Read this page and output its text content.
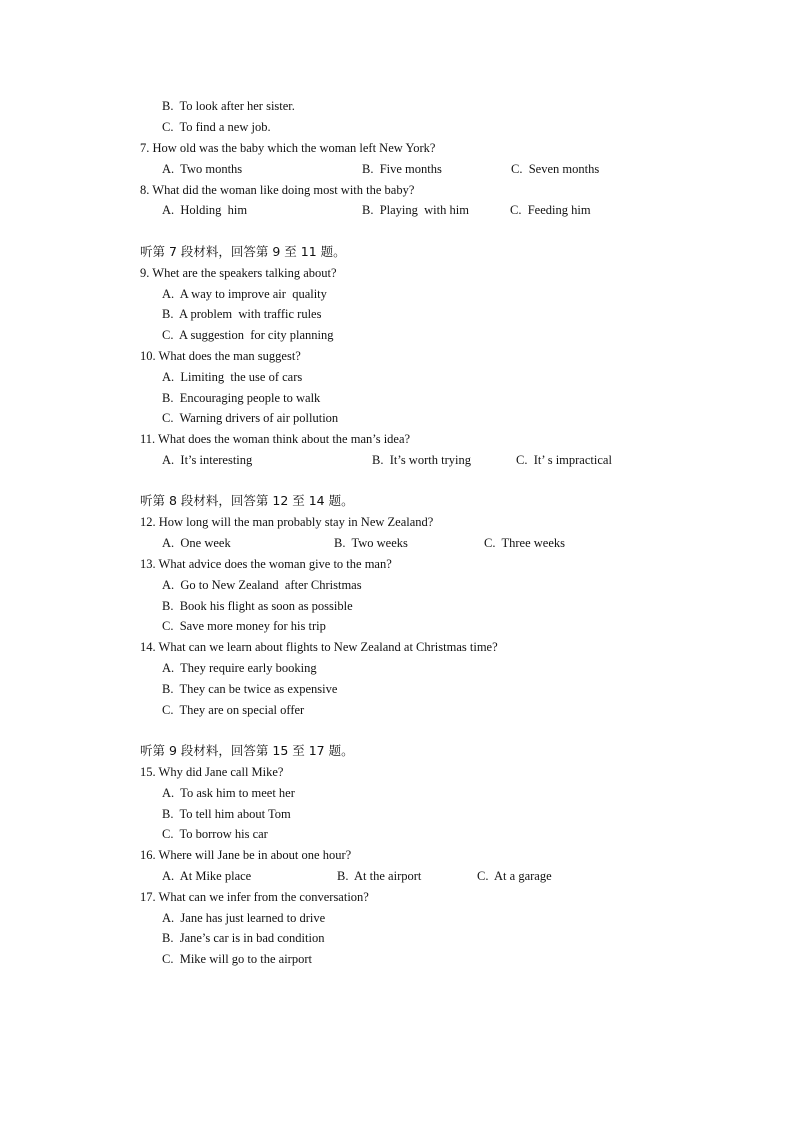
B.  To look after her sister.
C.  To find a new job.
7. How old was the baby which the woman left New York?
A.  Two months	B.  Five months	C.  Seven months
8. What did the woman like doing most with the baby?
A.  Holding  him	B.  Playing  with him	C.  Feeding him
听第 7 段材料，回答第 9 至 11 题。
9. Whet are the speakers talking about?
A.  A way to improve air  quality
B.  A problem  with traffic rules
C.  A suggestion  for city planning
10. What does the man suggest?
A.  Limiting  the use of cars
B.  Encouraging people to walk
C.  Warning drivers of air pollution
11. What does the woman think about the man’s idea?
A.  It’s interesting	B.  It’s worth trying	C.  It’ s impractical
听第 8 段材料，回答第 12 至 14 题。
12. How long will the man probably stay in New Zealand?
A.  One week	B.  Two weeks	C.  Three weeks
13. What advice does the woman give to the man?
A.  Go to New Zealand  after Christmas
B.  Book his flight as soon as possible
C.  Save more money for his trip
14. What can we learn about flights to New Zealand at Christmas time?
A.  They require early booking
B.  They can be twice as expensive
C.  They are on special offer
听第 9 段材料，回答第 15 至 17 题。
15. Why did Jane call Mike?
A.  To ask him to meet her
B.  To tell him about Tom
C.  To borrow his car
16. Where will Jane be in about one hour?
A.  At Mike place	B.  At the airport	C.  At a garage
17. What can we infer from the conversation?
A.  Jane has just learned to drive
B.  Jane’s car is in bad condition
C.  Mike will go to the airport
